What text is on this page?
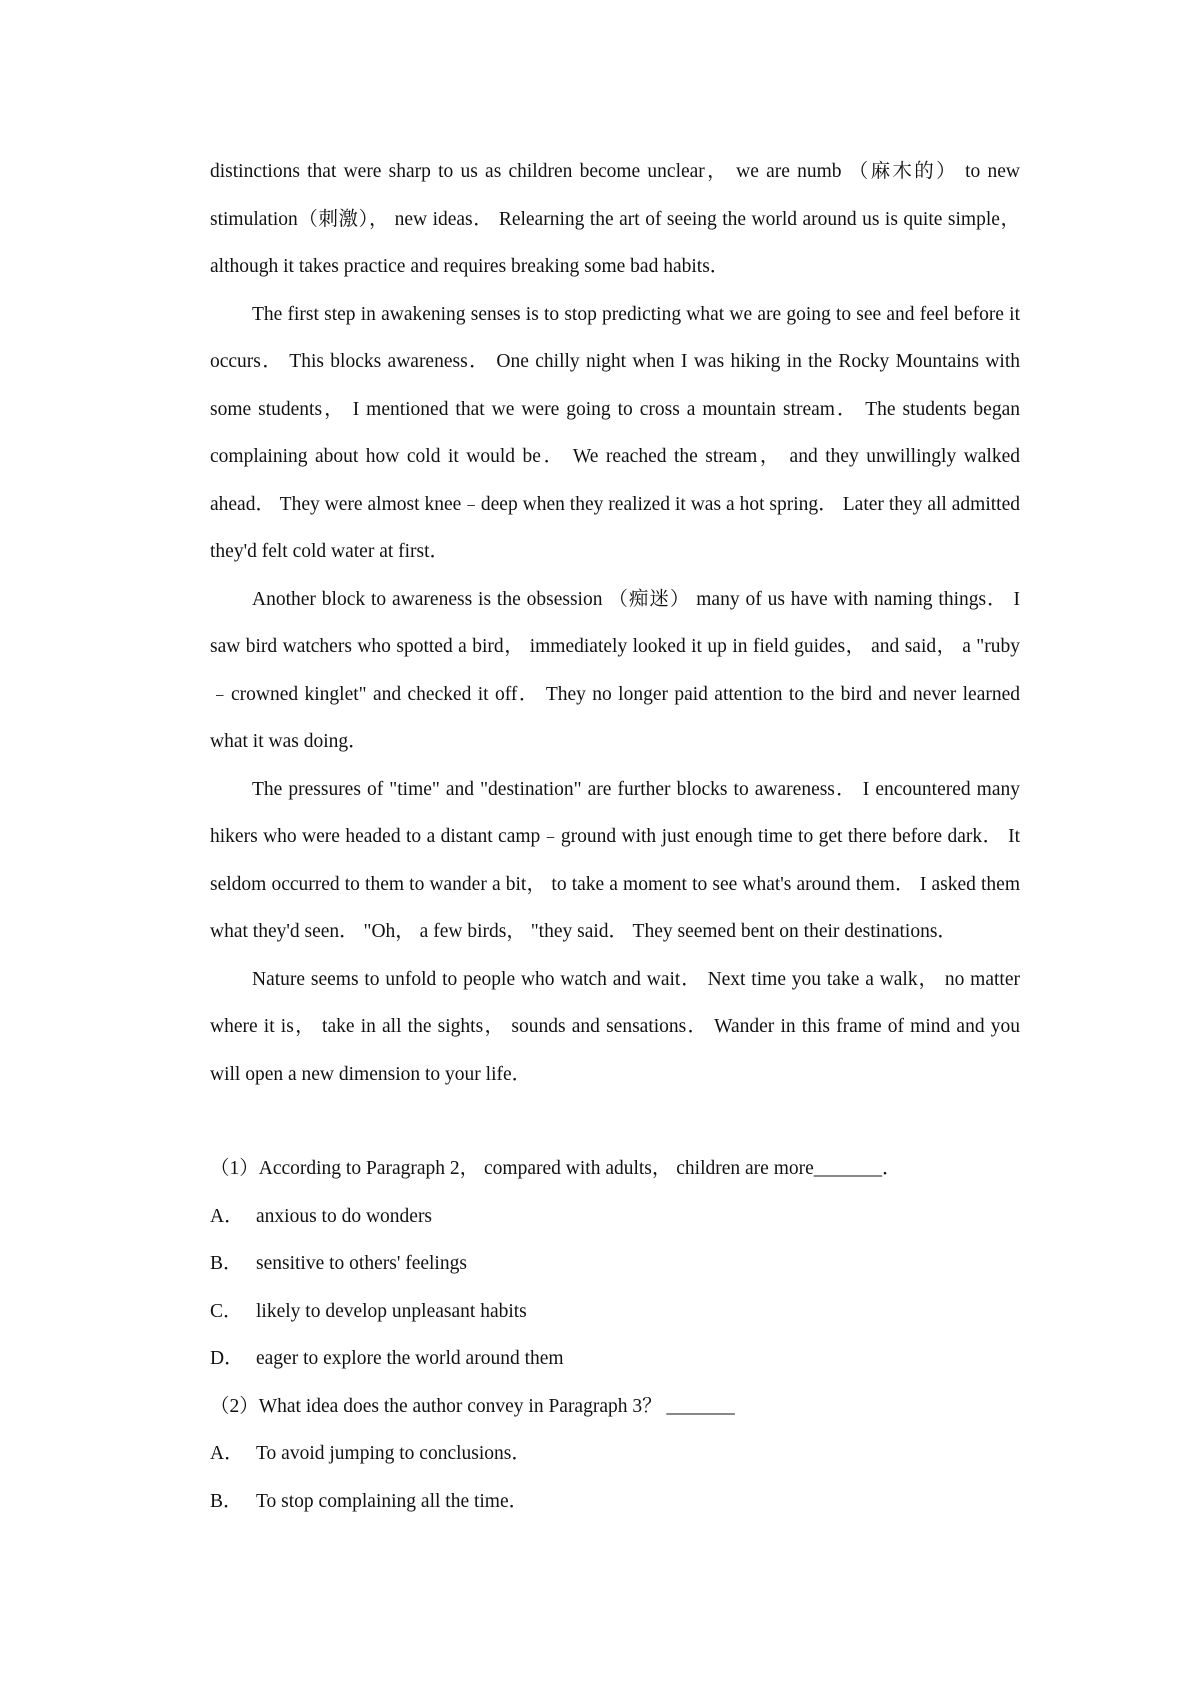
distinctions that were sharp to us as children become unclear， we are numb （麻木的） to new stimulation（刺激）， new ideas． Relearning the art of seeing the world around us is quite simple， although it takes practice and requires breaking some bad habits．

The first step in awakening senses is to stop predicting what we are going to see and feel before it occurs． This blocks awareness． One chilly night when I was hiking in the Rocky Mountains with some students， I mentioned that we were going to cross a mountain stream． The students began complaining about how cold it would be． We reached the stream， and they unwillingly walked ahead． They were almost knee﹣deep when they realized it was a hot spring． Later they all admitted they'd felt cold water at first．

Another block to awareness is the obsession （痴迷） many of us have with naming things． I saw bird watchers who spotted a bird， immediately looked it up in field guides， and said， a "ruby﹣crowned kinglet" and checked it off． They no longer paid attention to the bird and never learned what it was doing．

The pressures of "time" and "destination" are further blocks to awareness． I encountered many hikers who were headed to a distant camp﹣ground with just enough time to get there before dark． It seldom occurred to them to wander a bit， to take a moment to see what's around them． I asked them what they'd seen． "Oh， a few birds， "they said． They seemed bent on their destinations．

Nature seems to unfold to people who watch and wait． Next time you take a walk， no matter where it is， take in all the sights， sounds and sensations． Wander in this frame of mind and you will open a new dimension to your life．

（1）According to Paragraph 2， compared with adults， children are more_______．

A． anxious to do wonders

B． sensitive to others' feelings

C． likely to develop unpleasant habits

D． eager to explore the world around them

（2）What idea does the author convey in Paragraph 3？ _______

A． To avoid jumping to conclusions．

B． To stop complaining all the time．
